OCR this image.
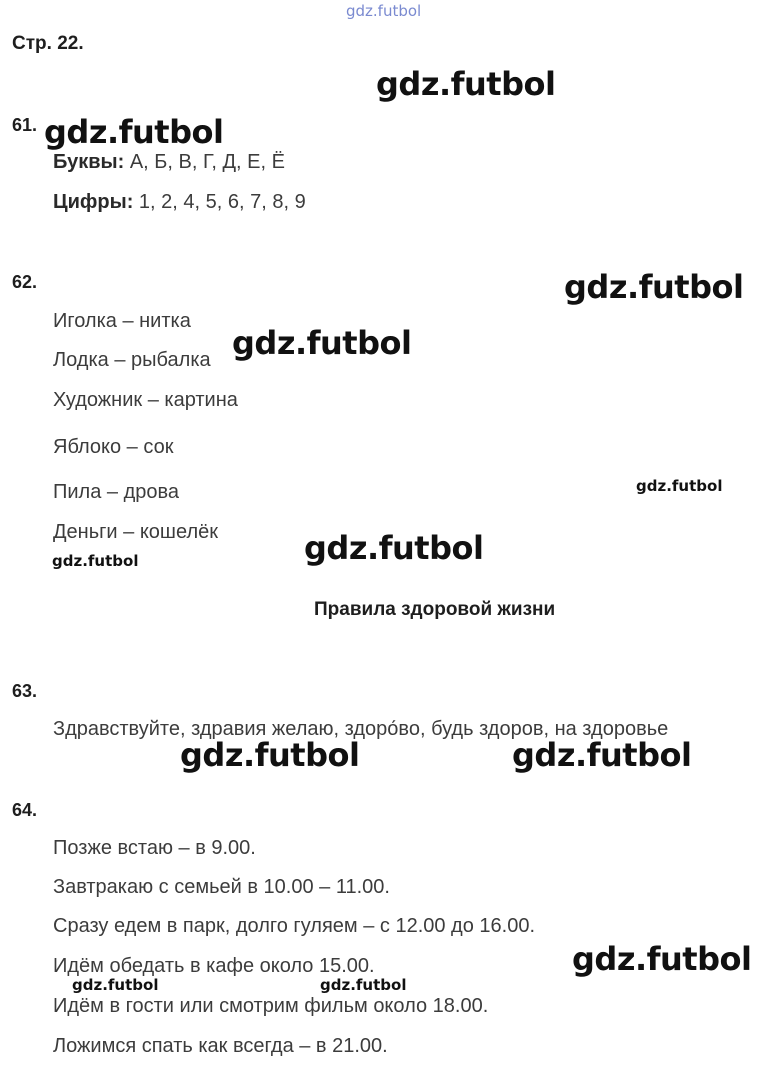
gdz.futbol
Стр. 22.
61.
Буквы: А, Б, В, Г, Д, Е, Ё
Цифры: 1, 2, 4, 5, 6, 7, 8, 9
62.
Иголка – нитка
Лодка – рыбалка
Художник – картина
Яблоко – сок
Пила – дрова
Деньги – кошелёк
Правила здоровой жизни
63.
Здравствуйте, здравия желаю, здоро́во, будь здоров, на здоровье
64.
Позже встаю – в 9.00.
Завтракаю с семьей в 10.00 – 11.00.
Сразу едем в парк, долго гуляем – с 12.00 до 16.00.
Идём обедать в кафе около 15.00.
Идём в гости или смотрим фильм около 18.00.
Ложимся спать как всегда – в 21.00.
gdz.futbol
gdz.futbol
gdz.futbol
gdz.futbol
gdz.futbol
gdz.futbol
gdz.futbol
gdz.futbol	gdz.futbol
gdz.futbol
gdz.futbol	gdz.futbol
